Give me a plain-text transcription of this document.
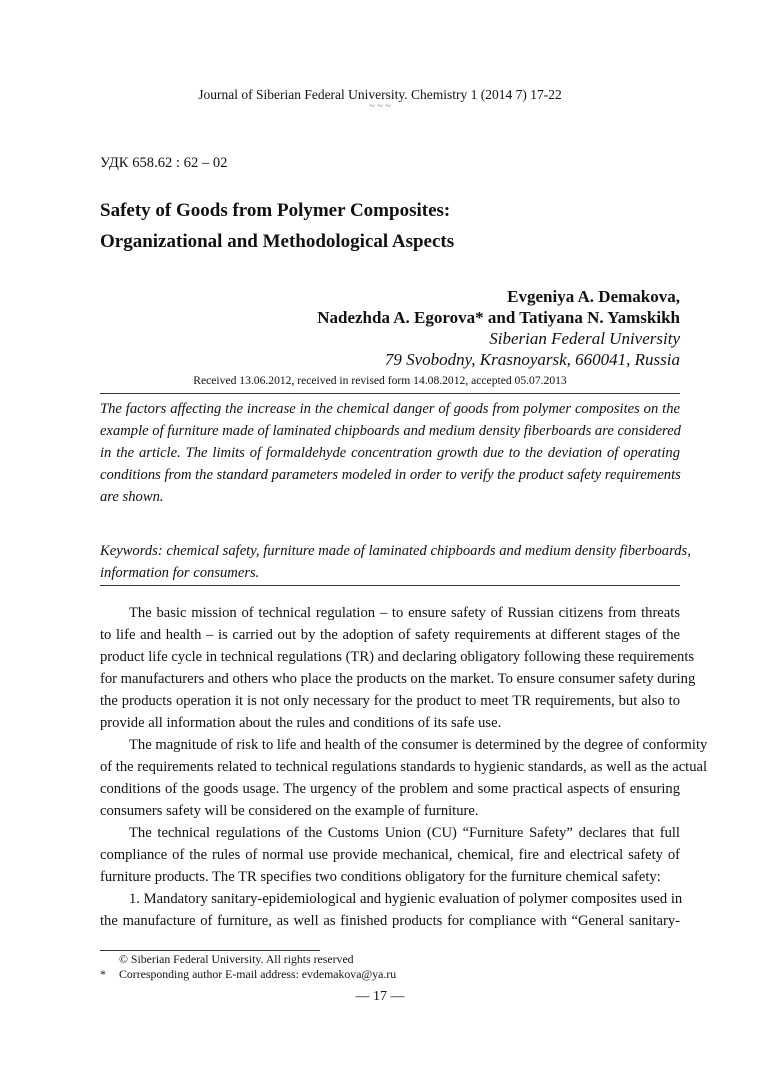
Journal of Siberian Federal University. Chemistry 1 (2014 7) 17-22
~ ~ ~
УДК 658.62 : 62 – 02
Safety of Goods from Polymer Composites:
Organizational and Methodological Aspects
Evgeniya A. Demakova,
Nadezhda A. Egorova* and Tatiyana N. Yamskikh
Siberian Federal University
79 Svobodny, Krasnoyarsk, 660041, Russia
Received 13.06.2012, received in revised form 14.08.2012, accepted 05.07.2013
The factors affecting the increase in the chemical danger of goods from polymer composites on the
example of furniture made of laminated chipboards and medium density fiberboards are considered
in the article. The limits of formaldehyde concentration growth due to the deviation of operating
conditions from the standard parameters modeled in order to verify the product safety requirements
are shown.
Keywords: chemical safety, furniture made of laminated chipboards and medium density fiberboards,
information for consumers.
The basic mission of technical regulation – to ensure safety of Russian citizens from threats
to life and health – is carried out by the adoption of safety requirements at different stages of the
product life cycle in technical regulations (TR) and declaring obligatory following these requirements
for manufacturers and others who place the products on the market. To ensure consumer safety during
the products operation it is not only necessary for the product to meet TR requirements, but also to
provide all information about the rules and conditions of its safe use.
The magnitude of risk to life and health of the consumer is determined by the degree of conformity
of the requirements related to technical regulations standards to hygienic standards, as well as the actual
conditions of the goods usage. The urgency of the problem and some practical aspects of ensuring
consumers safety will be considered on the example of furniture.
The technical regulations of the Customs Union (CU) “Furniture Safety” declares that full
compliance of the rules of normal use provide mechanical, chemical, fire and electrical safety of
furniture products. The TR specifies two conditions obligatory for the furniture chemical safety:
1. Mandatory sanitary-epidemiological and hygienic evaluation of polymer composites used in
the manufacture of furniture, as well as finished products for compliance with “General sanitary-
© Siberian Federal University. All rights reserved
* Corresponding author E-mail address: evdemakova@ya.ru
— 17 —
